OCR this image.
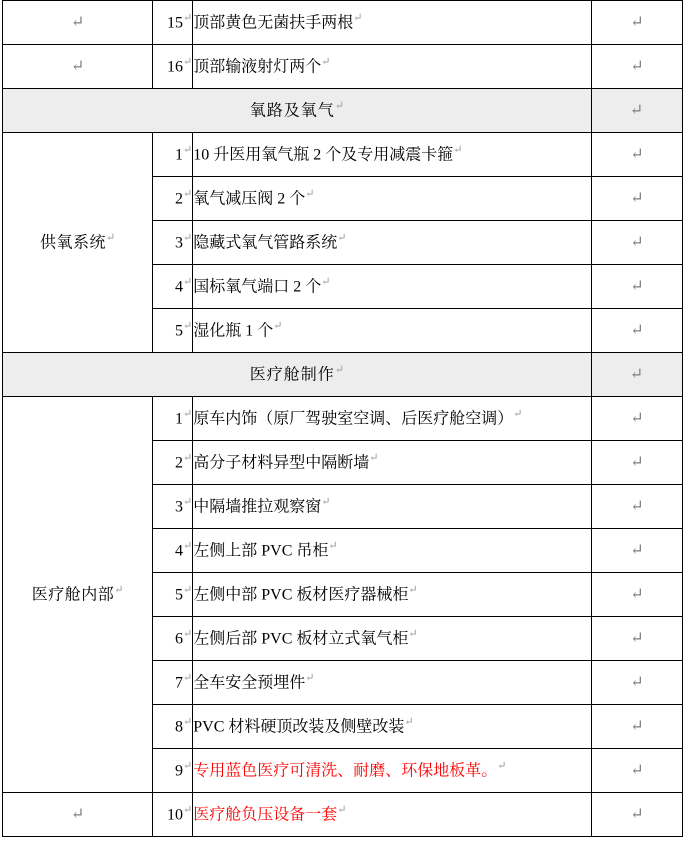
↵	15↵	顶部黄色无菌扶手两根↵	↵
↵	16↵	顶部输液射灯两个↵	↵
氧路及氧气↵			↵
供氧系统↵	1↵	10 升医用氧气瓶 2 个及专用减震卡箍↵	↵
	2↵	氧气减压阀 2 个↵	↵
	3↵	隐藏式氧气管路系统↵	↵
	4↵	国标氧气端口 2 个↵	↵
	5↵	湿化瓶 1 个↵	↵
医疗舱制作↵			↵
医疗舱内部↵	1↵	原车内饰（原厂驾驶室空调、后医疗舱空调）↵	↵
	2↵	高分子材料异型中隔断墙↵	↵
	3↵	中隔墙推拉观察窗↵	↵
	4↵	左侧上部 PVC 吊柜↵	↵
	5↵	左侧中部 PVC 板材医疗器械柜↵	↵
	6↵	左侧后部 PVC 板材立式氧气柜↵	↵
	7↵	全车安全预埋件↵	↵
	8↵	PVC 材料硬顶改装及侧壁改装↵	↵
	9↵	专用蓝色医疗可清洗、耐磨、环保地板革。↵	↵
↵	10↵	医疗舱负压设备一套↵	↵
